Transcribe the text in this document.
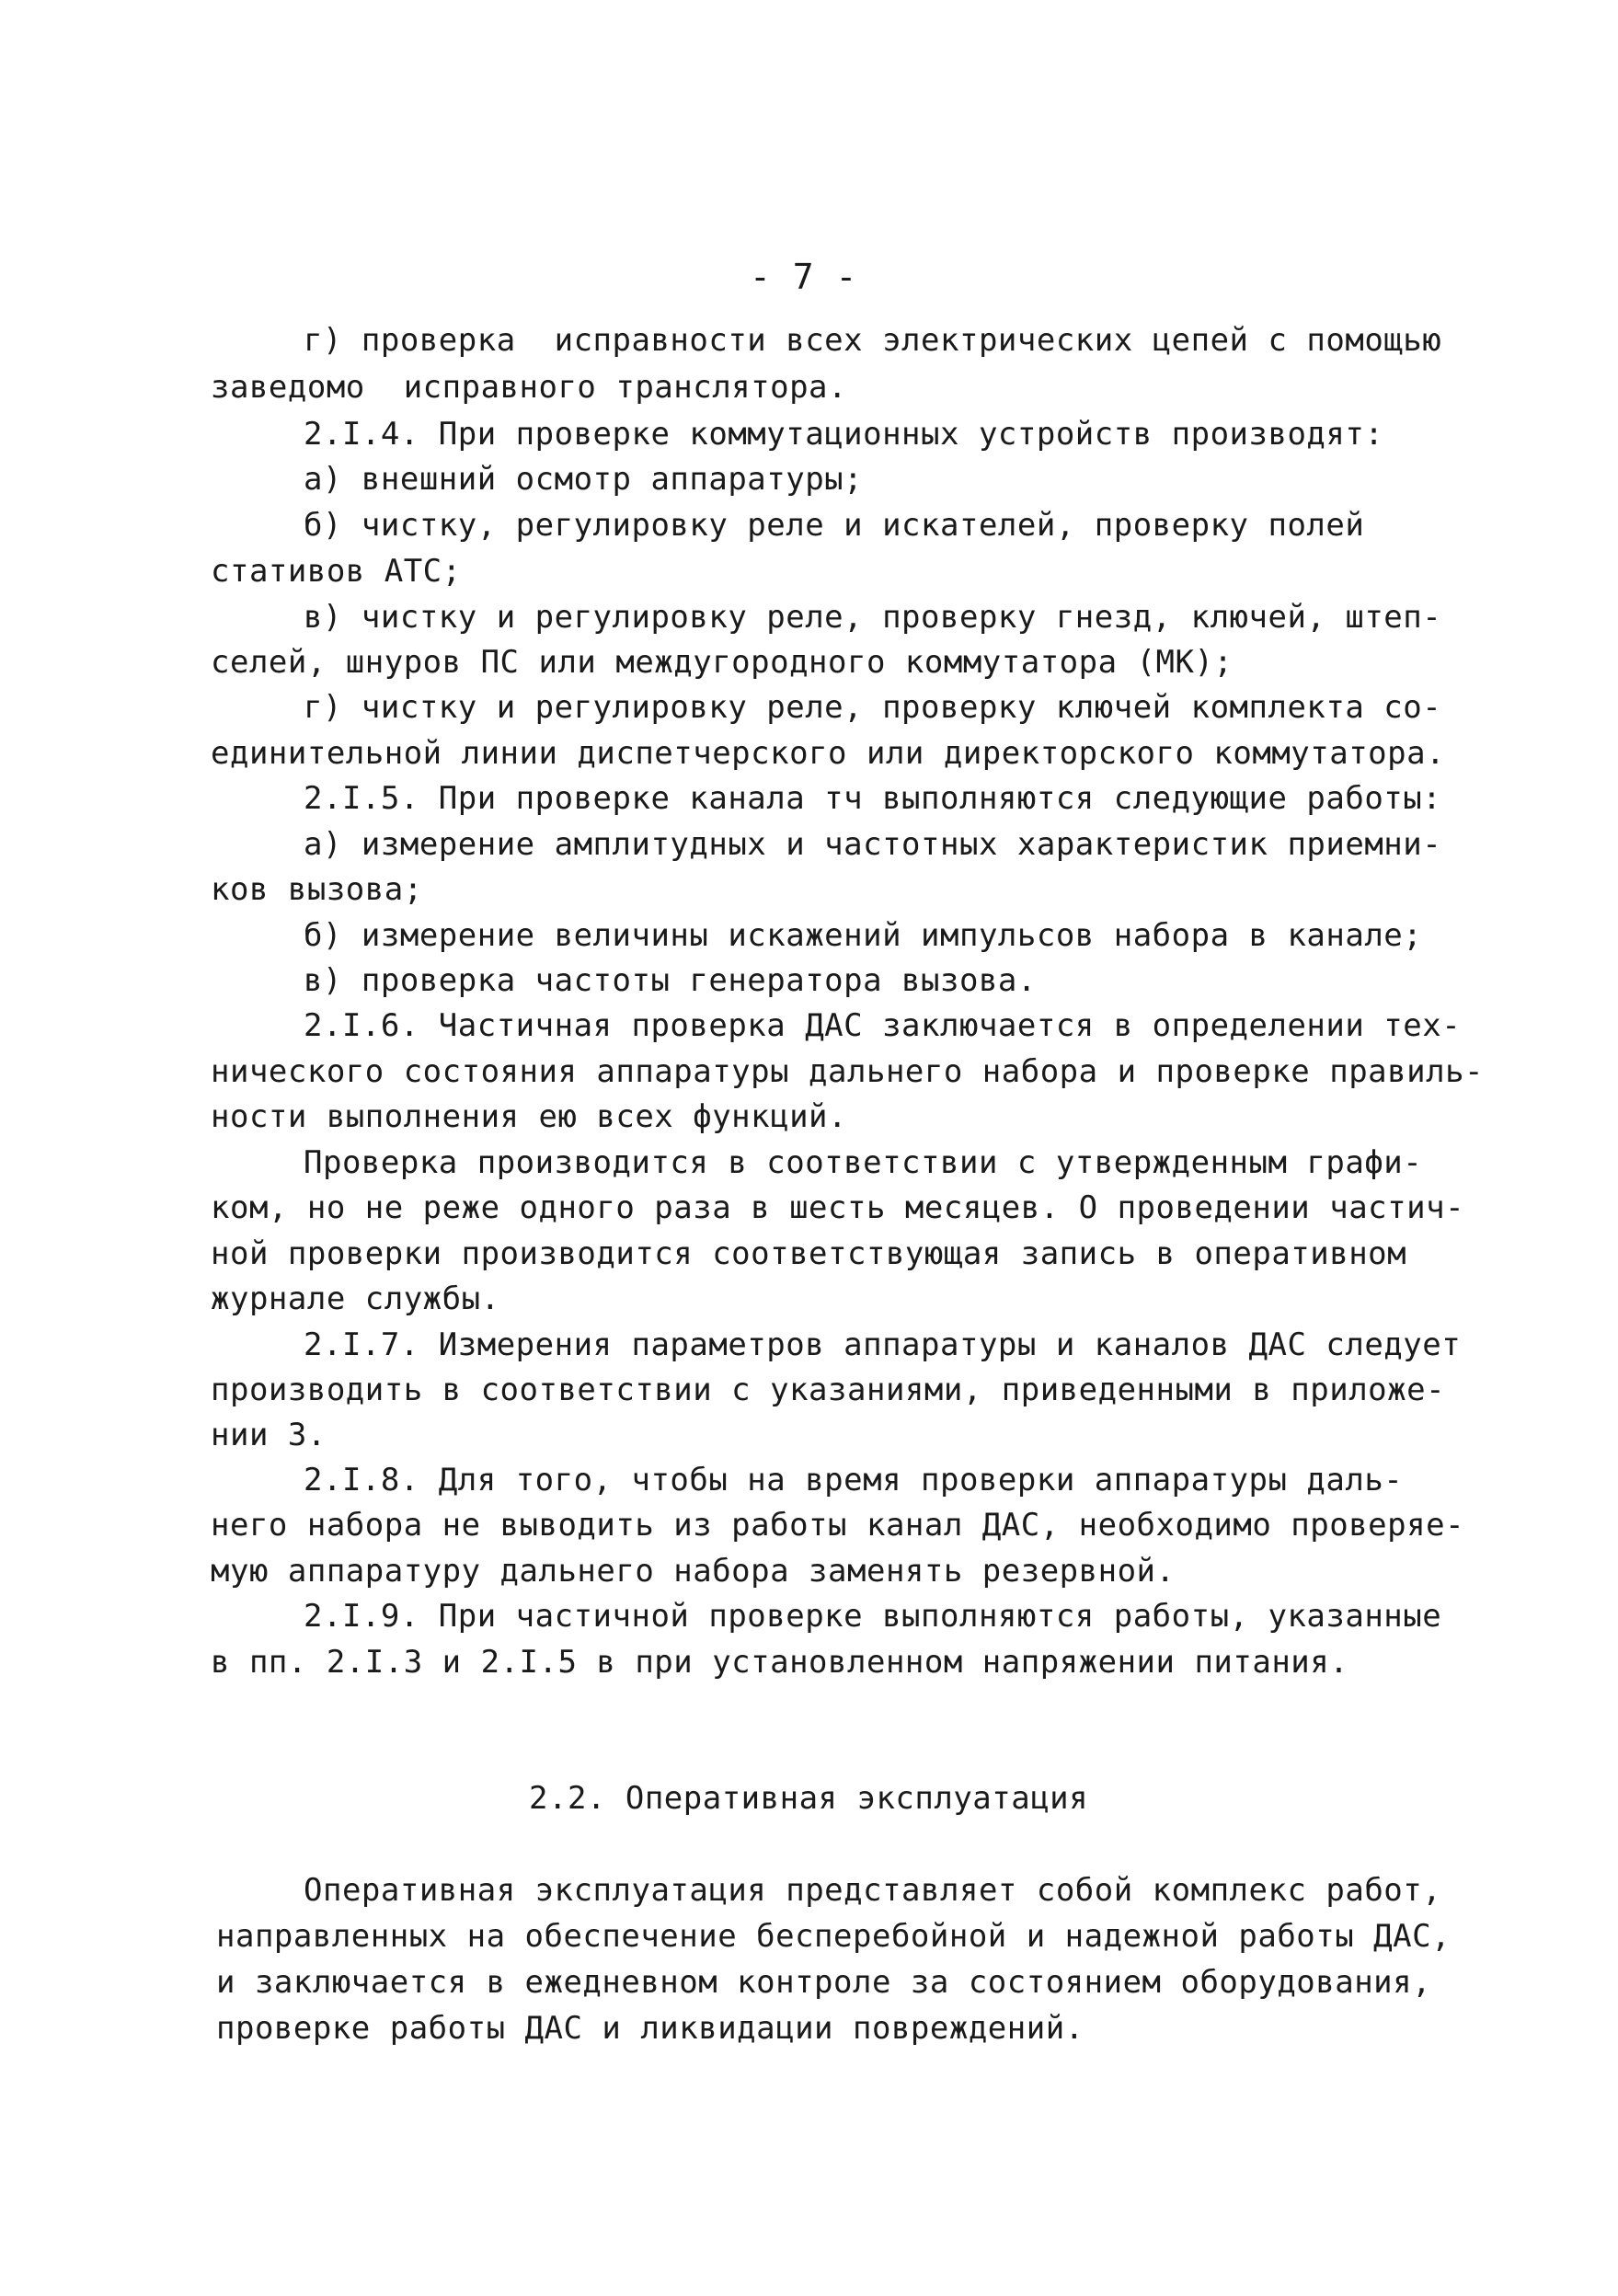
- 7 -
г) проверка  исправности всех электрических цепей с помощью
заведомо  исправного транслятора.
2.I.4. При проверке коммутационных устройств производят:
а) внешний осмотр аппаратуры;
б) чистку, регулировку реле и искателей, проверку полей
стативов АТС;
в) чистку и регулировку реле, проверку гнезд, ключей, штеп-
селей, шнуров ПС или междугородного коммутатора (МК);
г) чистку и регулировку реле, проверку ключей комплекта со-
единительной линии диспетчерского или директорского коммутатора.
2.I.5. При проверке канала тч выполняются следующие работы:
а) измерение амплитудных и частотных характеристик приемни-
ков вызова;
б) измерение величины искажений импульсов набора в канале;
в) проверка частоты генератора вызова.
2.I.6. Частичная проверка ДАС заключается в определении тех-
нического состояния аппаратуры дальнего набора и проверке правиль-
ности выполнения ею всех функций.
Проверка производится в соответствии с утвержденным графи-
ком, но не реже одного раза в шесть месяцев. О проведении частич-
ной проверки производится соответствующая запись в оперативном
журнале службы.
2.I.7. Измерения параметров аппаратуры и каналов ДАС следует
производить в соответствии с указаниями, приведенными в приложе-
нии 3.
2.I.8. Для того, чтобы на время проверки аппаратуры даль-
него набора не выводить из работы канал ДАС, необходимо проверяе-
мую аппаратуру дальнего набора заменять резервной.
2.I.9. При частичной проверке выполняются работы, указанные
в пп. 2.I.3 и 2.I.5 в при установленном напряжении питания.
2.2. Оперативная эксплуатация
Оперативная эксплуатация представляет собой комплекс работ,
направленных на обеспечение бесперебойной и надежной работы ДАС,
и заключается в ежедневном контроле за состоянием оборудования,
проверке работы ДАС и ликвидации повреждений.
